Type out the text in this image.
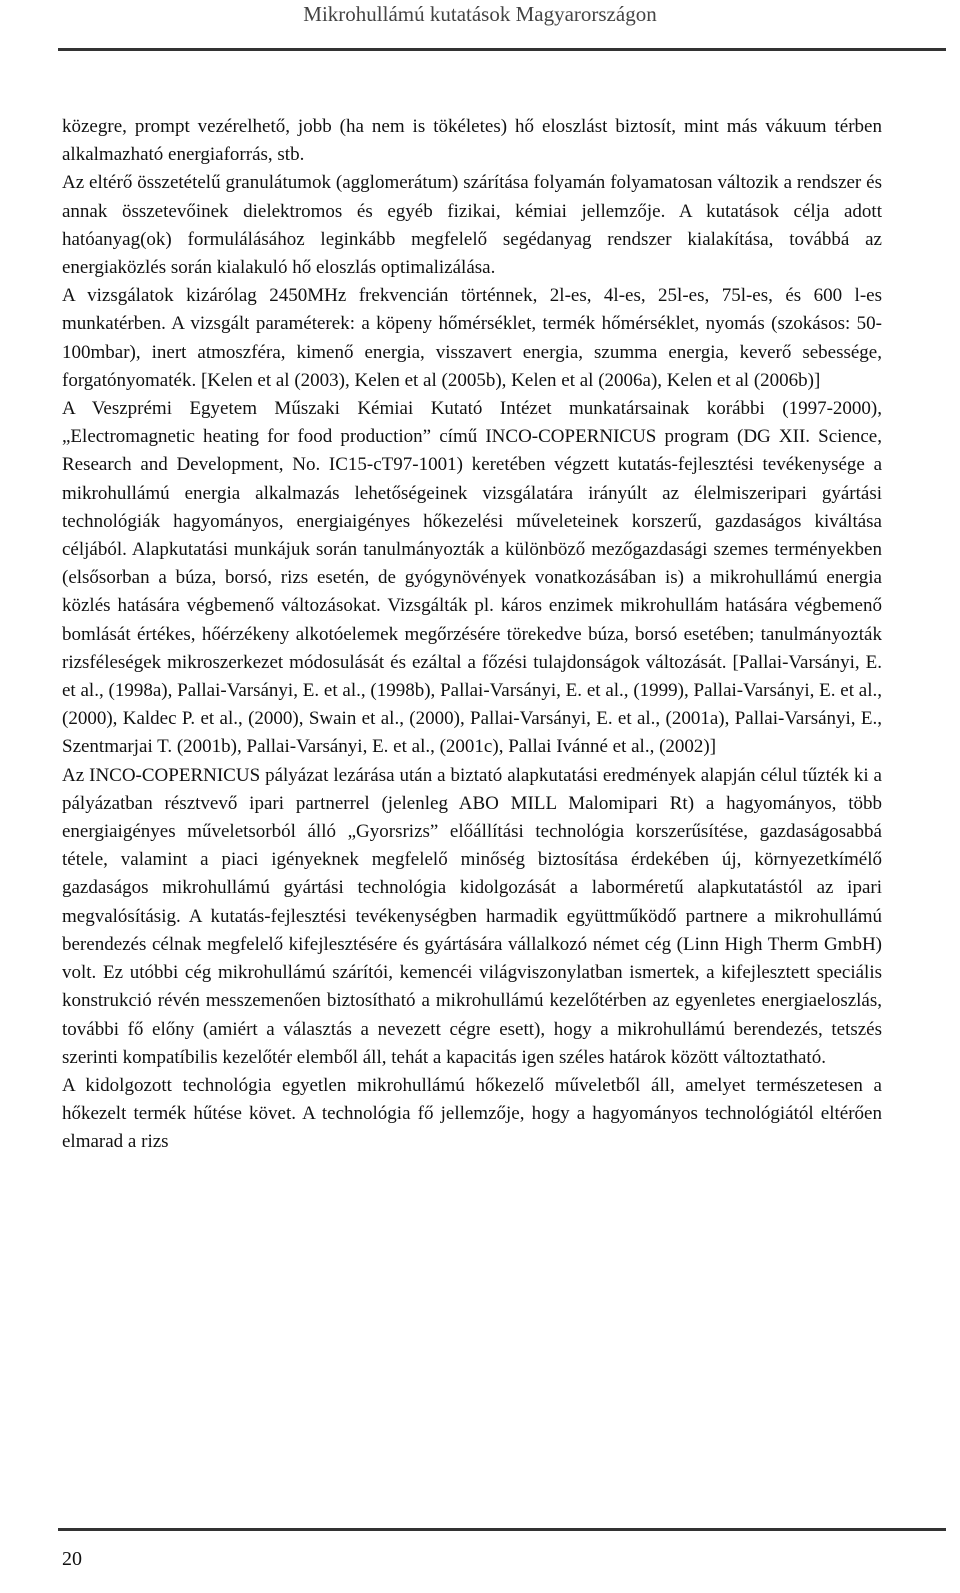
Mikrohullámú kutatások Magyarországon

közegre, prompt vezérelhető, jobb (ha nem is tökéletes) hő eloszlást biztosít, mint más vákuum térben alkalmazható energiaforrás, stb.

Az eltérő összetételű granulátumok (agglomerátum) szárítása folyamán folyamatosan változik a rendszer és annak összetevőinek dielektromos és egyéb fizikai, kémiai jellemzője. A kutatások célja adott hatóanyag(ok) formulálásához leginkább megfelelő segédanyag rendszer kialakítása, továbbá az energiaközlés során kialakuló hő eloszlás optimalizálása.

A vizsgálatok kizárólag 2450MHz frekvencián történnek, 2l-es, 4l-es, 25l-es, 75l-es, és 600 l-es munkatérben. A vizsgált paraméterek: a köpeny hőmérséklet, termék hőmérséklet, nyomás (szokásos: 50-100mbar), inert atmoszféra, kimenő energia, visszavert energia, szumma energia, keverő sebessége, forgatónyomaték. [Kelen et al (2003), Kelen et al (2005b), Kelen et al (2006a), Kelen et al (2006b)]

A Veszprémi Egyetem Műszaki Kémiai Kutató Intézet munkatársainak korábbi (1997-2000), „Electromagnetic heating for food production” című INCO-COPERNICUS program (DG XII. Science, Research and Development, No. IC15-cT97-1001) keretében végzett kutatás-fejlesztési tevékenysége a mikrohullámú energia alkalmazás lehetőségeinek vizsgálatára irányúlt az élelmiszeripari gyártási technológiák hagyományos, energiaigényes hőkezelési műveleteinek korszerű, gazdaságos kiváltása céljából. Alapkutatási munkájuk során tanulmányozták a különböző mezőgazdasági szemes terményekben (elsősorban a búza, borsó, rizs esetén, de gyógynövények vonatkozásában is) a mikrohullámú energia közlés hatására végbemenő változásokat. Vizsgálták pl. káros enzimek mikrohullám hatására végbemenő bomlását értékes, hőérzékeny alkotóelemek megőrzésére törekedve búza, borsó esetében; tanulmányozták rizsféleségek mikroszerkezet módosulását és ezáltal a főzési tulajdonságok változását. [Pallai-Varsányi, E. et al., (1998a), Pallai-Varsányi, E. et al., (1998b), Pallai-Varsányi, E. et al., (1999), Pallai-Varsányi, E. et al., (2000), Kaldec P. et al., (2000), Swain et al., (2000), Pallai-Varsányi, E. et al., (2001a), Pallai-Varsányi, E., Szentmarjai T. (2001b), Pallai-Varsányi, E. et al., (2001c), Pallai Ivánné et al., (2002)]

Az INCO-COPERNICUS pályázat lezárása után a biztató alapkutatási eredmények alapján célul tűzték ki a pályázatban résztvevő ipari partnerrel (jelenleg ABO MILL Malomipari Rt) a hagyományos, több energiaigényes műveletsorból álló „Gyorsrizs” előállítási technológia korszerűsítése, gazdaságosabbá tétele, valamint a piaci igényeknek megfelelő minőség biztosítása érdekében új, környezetkímélő gazdaságos mikrohullámú gyártási technológia kidolgozását a laborméretű alapkutatástól az ipari megvalósításig. A kutatás-fejlesztési tevékenységben harmadik együttműködő partnere a mikrohullámú berendezés célnak megfelelő kifejlesztésére és gyártására vállalkozó német cég (Linn High Therm GmbH) volt. Ez utóbbi cég mikrohullámú szárítói, kemencéi világviszonylatban ismertek, a kifejlesztett speciális konstrukció révén messzemenően biztosítható a mikrohullámú kezelőtérben az egyenletes energiaeloszlás, további fő előny (amiért a választás a nevezett cégre esett), hogy a mikrohullámú berendezés, tetszés szerinti kompatíbilis kezelőtér elemből áll, tehát a kapacitás igen széles határok között változtatható.

A kidolgozott technológia egyetlen mikrohullámú hőkezelő műveletből áll, amelyet természetesen a hőkezelt termék hűtése követ. A technológia fő jellemzője, hogy a hagyományos technológiától eltérően elmarad a rizs

20
